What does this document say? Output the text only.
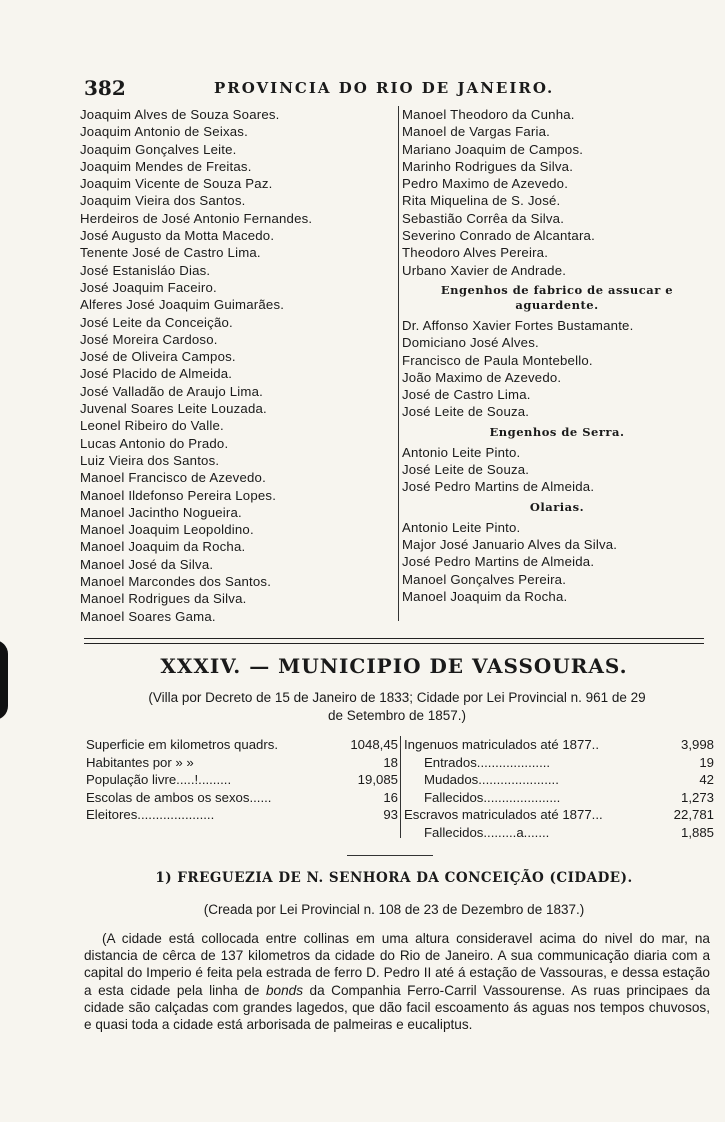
382	PROVINCIA DO RIO DE JANEIRO.
Joaquim Alves de Souza Soares.
Joaquim Antonio de Seixas.
Joaquim Gonçalves Leite.
Joaquim Mendes de Freitas.
Joaquim Vicente de Souza Paz.
Joaquim Vieira dos Santos.
Herdeiros de José Antonio Fernandes.
José Augusto da Motta Macedo.
Tenente José de Castro Lima.
José Estanisláo Dias.
José Joaquim Faceiro.
Alferes José Joaquim Guimarães.
José Leite da Conceição.
José Moreira Cardoso.
José de Oliveira Campos.
José Placido de Almeida.
José Valladão de Araujo Lima.
Juvenal Soares Leite Louzada.
Leonel Ribeiro do Valle.
Lucas Antonio do Prado.
Luiz Vieira dos Santos.
Manoel Francisco de Azevedo.
Manoel Ildefonso Pereira Lopes.
Manoel Jacintho Nogueira.
Manoel Joaquim Leopoldino.
Manoel Joaquim da Rocha.
Manoel José da Silva.
Manoel Marcondes dos Santos.
Manoel Rodrigues da Silva.
Manoel Soares Gama.
Manoel Theodoro da Cunha.
Manoel de Vargas Faria.
Mariano Joaquim de Campos.
Marinho Rodrigues da Silva.
Pedro Maximo de Azevedo.
Rita Miquelina de S. José.
Sebastião Corrêa da Silva.
Severino Conrado de Alcantara.
Theodoro Alves Pereira.
Urbano Xavier de Andrade.
Engenhos de fabrico de assucar e aguardente.
Dr. Affonso Xavier Fortes Bustamante.
Domiciano José Alves.
Francisco de Paula Montebello.
João Maximo de Azevedo.
José de Castro Lima.
José Leite de Souza.
Engenhos de Serra.
Antonio Leite Pinto.
José Leite de Souza.
José Pedro Martins de Almeida.
Olarias.
Antonio Leite Pinto.
Major José Januario Alves da Silva.
José Pedro Martins de Almeida.
Manoel Gonçalves Pereira.
Manoel Joaquim da Rocha.
XXXIV. — MUNICIPIO DE VASSOURAS.
(Villa por Decreto de 15 de Janeiro de 1833; Cidade por Lei Provincial n. 961 de 29
de Setembro de 1857.)
Superficie em kilometros quadrs.	1048,45
Habitantes por » »	18
População livre.....!.........	19,085
Escolas de ambos os sexos......	16
Eleitores.....................	93
Ingenuos matriculados até 1877..	3,998
Entrados....................	19
Mudados......................	42
Fallecidos.....................	1,273
Escravos matriculados até 1877...	22,781
Fallecidos.........a.......	1,885
1) FREGUEZIA DE N. SENHORA DA CONCEIÇÃO (CIDADE).
(Creada por Lei Provincial n. 108 de 23 de Dezembro de 1837.)
(A cidade está collocada entre collinas em uma altura consideravel acima do nivel do mar, na distancia de cêrca de 137 kilometros da cidade do Rio de Janeiro. A sua communicação diaria com a capital do Imperio é feita pela estrada de ferro D. Pedro II até á estação de Vassouras, e dessa estação a esta cidade pela linha de bonds da Companhia Ferro-Carril Vassourense. As ruas principaes da cidade são calçadas com grandes lagedos, que dão facil escoamento ás aguas nos tempos chuvosos, e quasi toda a cidade está arborisada de palmeiras e eucaliptus.
